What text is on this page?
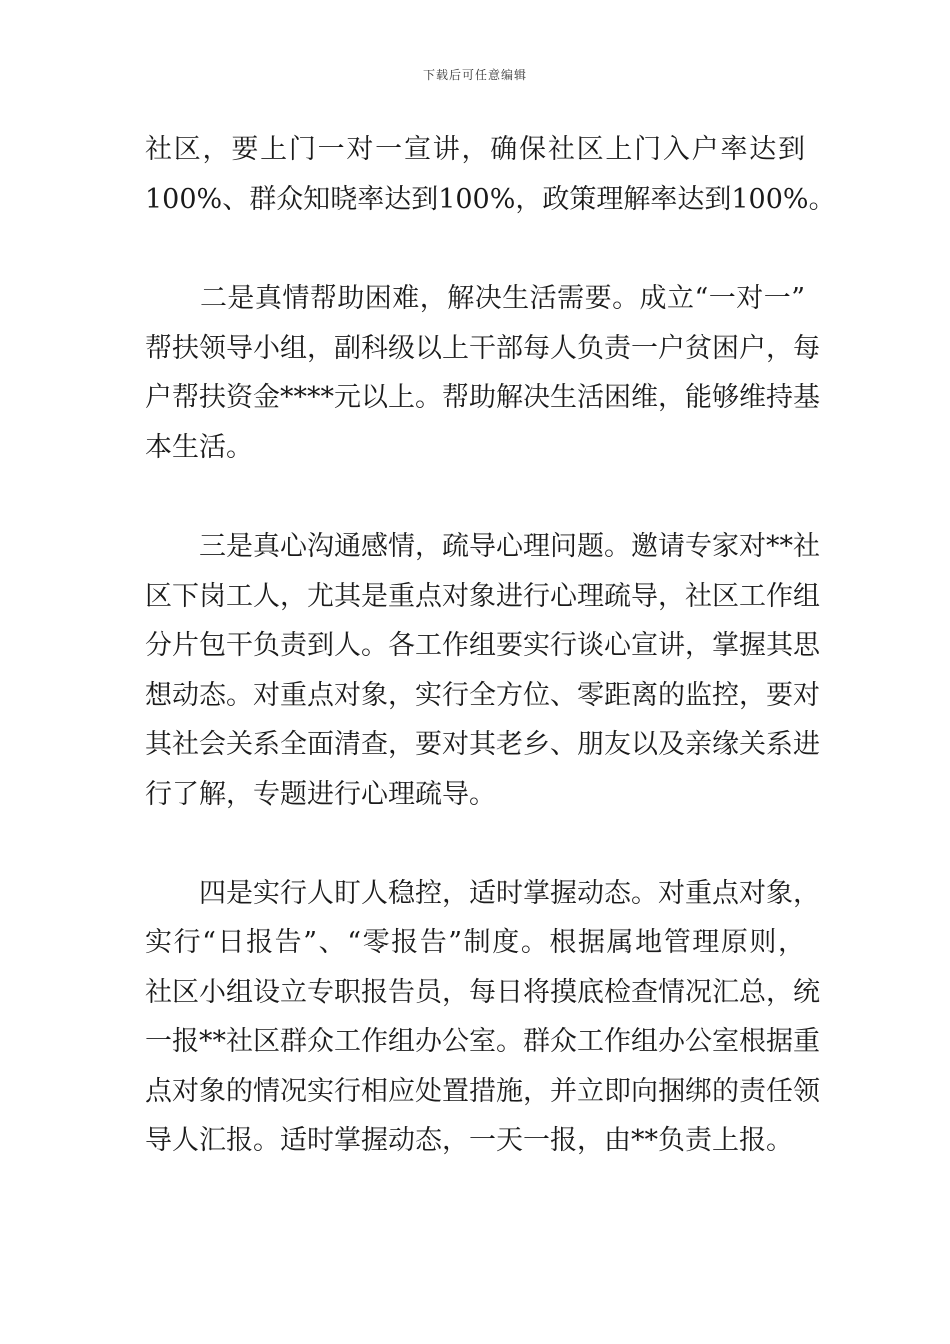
下载后可任意编辑
社区，要上门一对一宣讲，确保社区上门入户率达到
100%、群众知晓率达到100%，政策理解率达到100%。
　　二是真情帮助困难，解决生活需要。成立“一对一”
帮扶领导小组，副科级以上干部每人负责一户贫困户，每
户帮扶资金****元以上。帮助解决生活困维，能够维持基
本生活。
　　三是真心沟通感情，疏导心理问题。邀请专家对**社
区下岗工人，尤其是重点对象进行心理疏导，社区工作组
分片包干负责到人。各工作组要实行谈心宣讲，掌握其思
想动态。对重点对象，实行全方位、零距离的监控，要对
其社会关系全面清查，要对其老乡、朋友以及亲缘关系进
行了解，专题进行心理疏导。
　　四是实行人盯人稳控，适时掌握动态。对重点对象，
实行“日报告”、“零报告”制度。根据属地管理原则，
社区小组设立专职报告员，每日将摸底检查情况汇总，统
一报**社区群众工作组办公室。群众工作组办公室根据重
点对象的情况实行相应处置措施，并立即向捆绑的责任领
导人汇报。适时掌握动态，一天一报，由**负责上报。
